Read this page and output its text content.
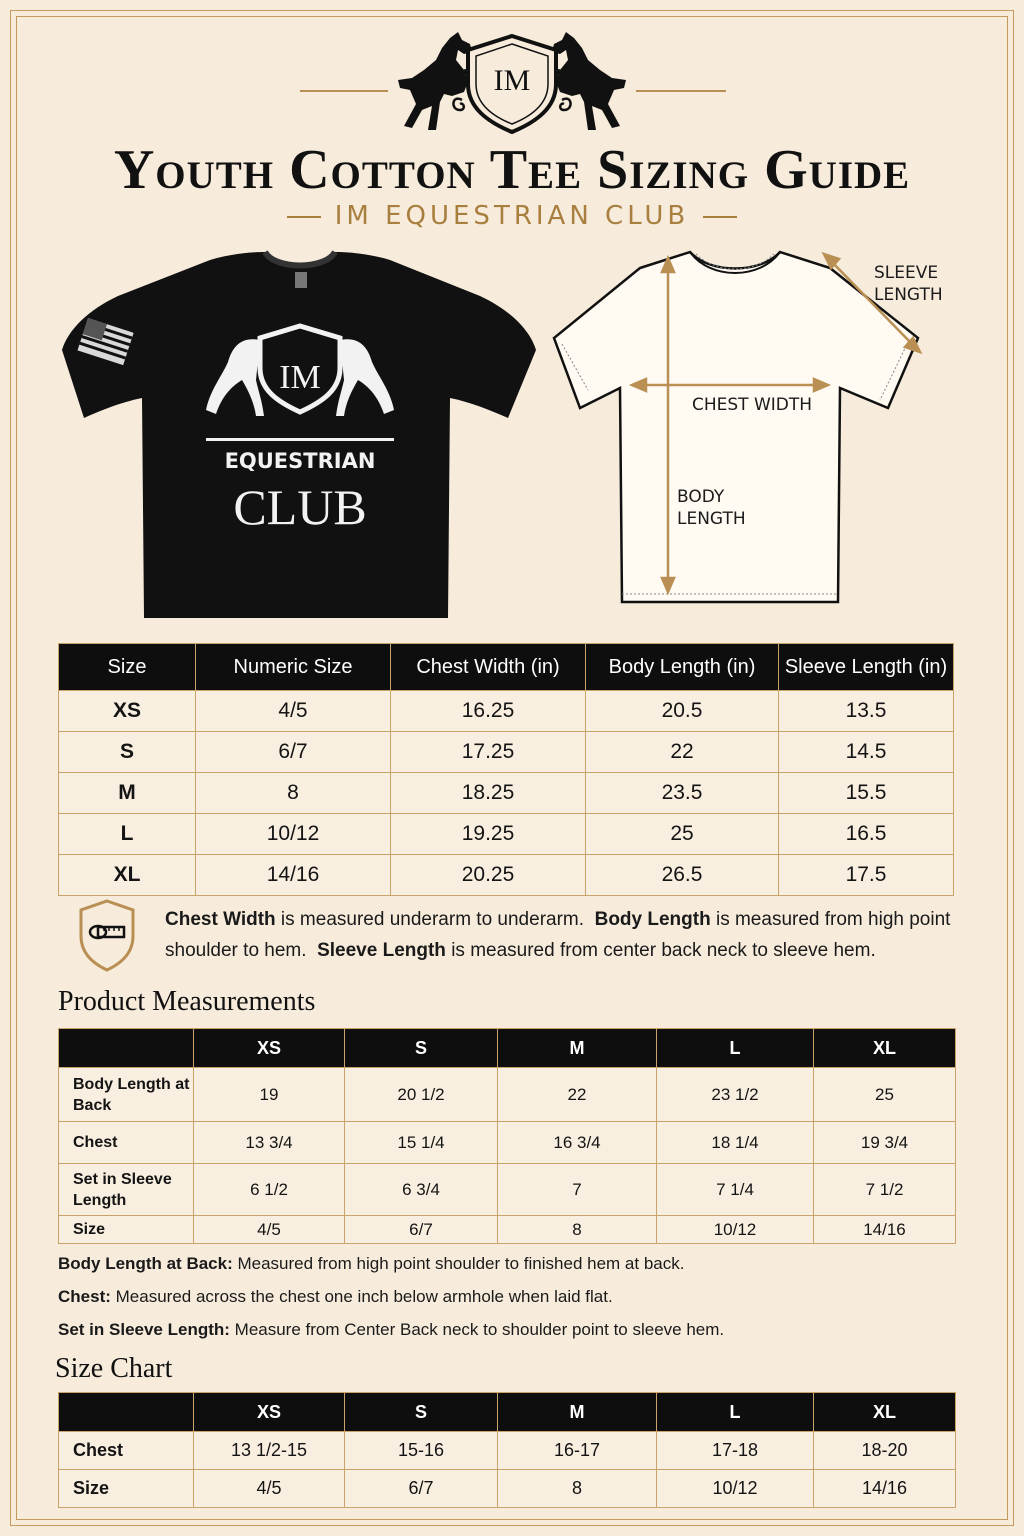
IM
Youth Cotton Tee Sizing Guide
IM EQUESTRIAN CLUB
IM
EQUESTRIAN
CLUB
SLEEVE
LENGTH
CHEST WIDTH
BODY
LENGTH
Size	Numeric Size	Chest Width (in)	Body Length (in)	Sleeve Length (in)
XS	4/5	16.25	20.5	13.5
S	6/7	17.25	22	14.5
M	8	18.25	23.5	15.5
L	10/12	19.25	25	16.5
XL	14/16	20.25	26.5	17.5
Chest Width is measured underarm to underarm. Body Length is measured from high point shoulder to hem. Sleeve Length is measured from center back neck to sleeve hem.
Product Measurements
	XS	S	M	L	XL
Body Length at Back	19	20 1/2	22	23 1/2	25
Chest	13 3/4	15 1/4	16 3/4	18 1/4	19 3/4
Set in Sleeve Length	6 1/2	6 3/4	7	7 1/4	7 1/2
Size	4/5	6/7	8	10/12	14/16
Body Length at Back: Measured from high point shoulder to finished hem at back.
Chest: Measured across the chest one inch below armhole when laid flat.
Set in Sleeve Length: Measure from Center Back neck to shoulder point to sleeve hem.
Size Chart
	XS	S	M	L	XL
Chest	13 1/2-15	15-16	16-17	17-18	18-20
Size	4/5	6/7	8	10/12	14/16
